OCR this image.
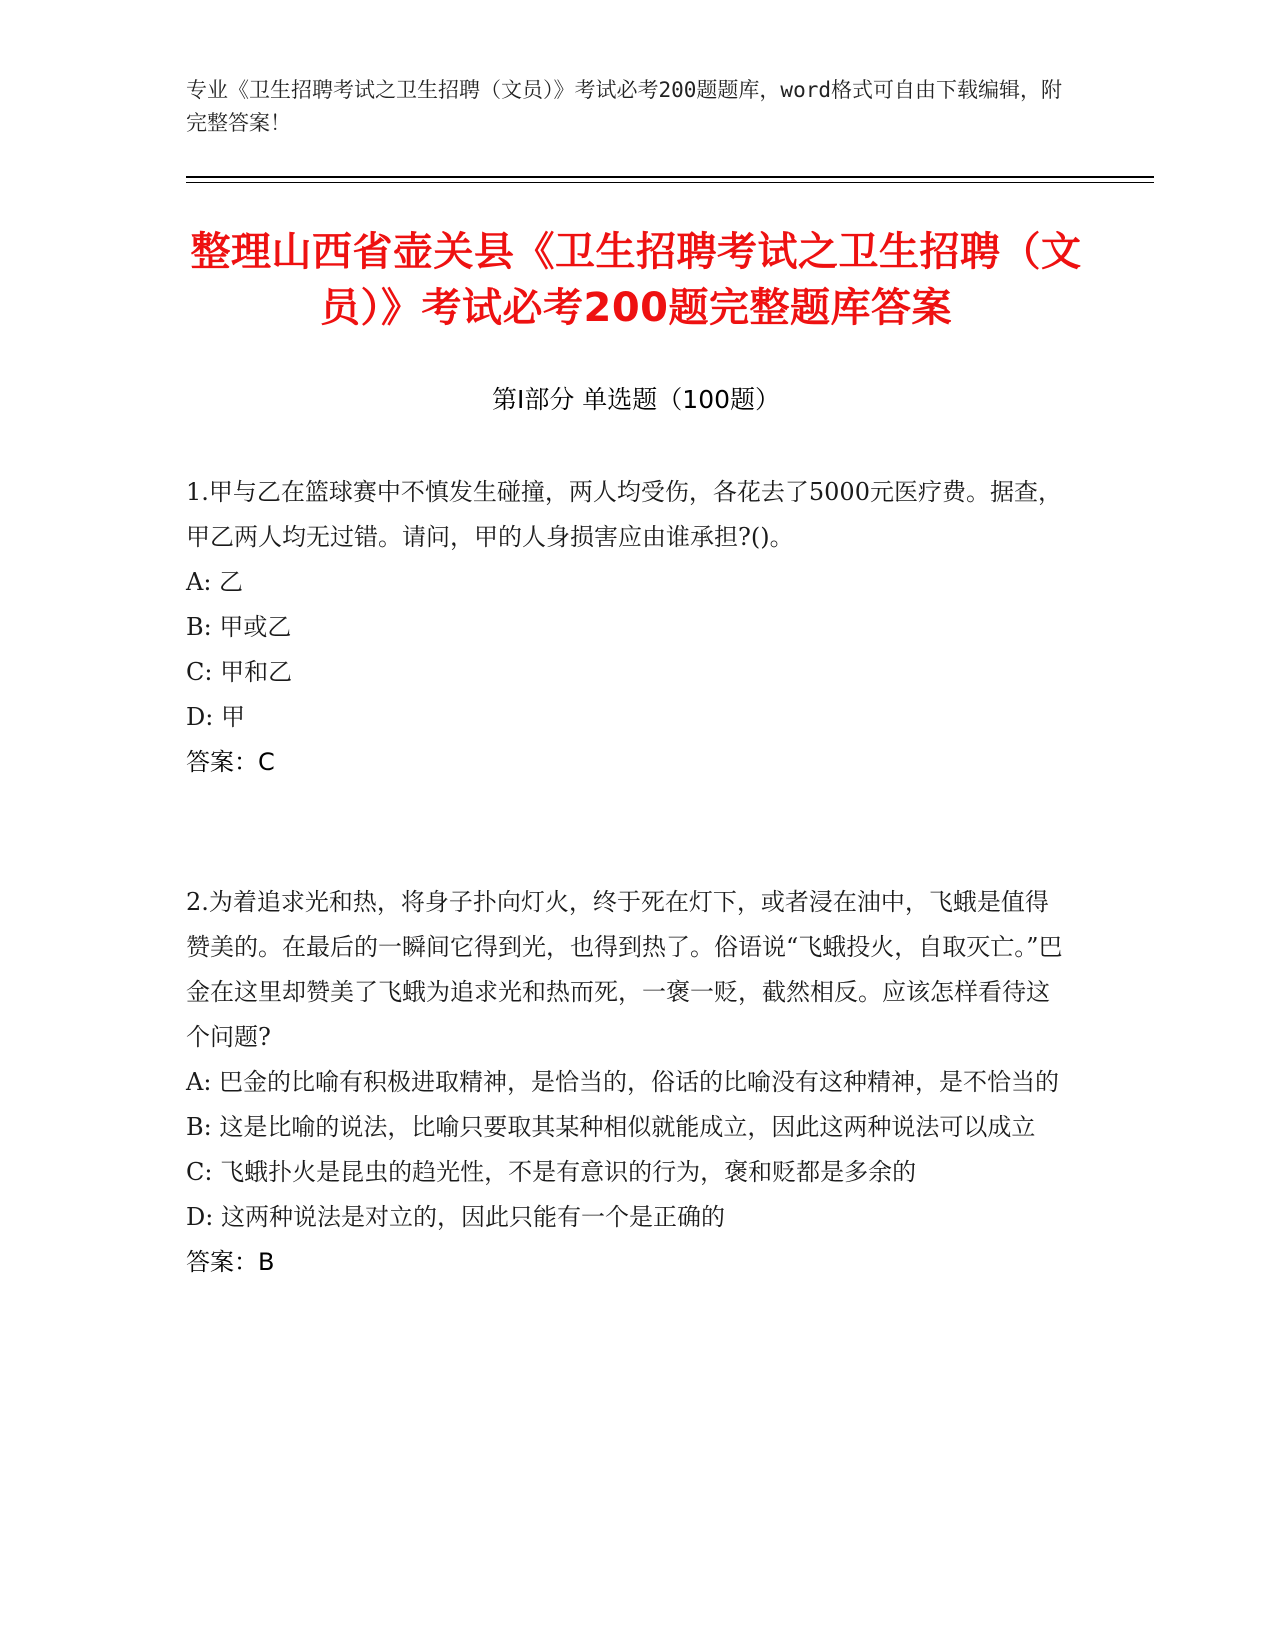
专业《卫生招聘考试之卫生招聘（文员）》考试必考200题题库，word格式可自由下载编辑，附完整答案！
整理山西省壶关县《卫生招聘考试之卫生招聘（文员）》考试必考200题完整题库答案
第I部分 单选题（100题）

1.甲与乙在篮球赛中不慎发生碰撞，两人均受伤，各花去了5000元医疗费。据查，甲乙两人均无过错。请问，甲的人身损害应由谁承担?()。

A: 乙

B: 甲或乙

C: 甲和乙

D: 甲

答案：C

2.为着追求光和热，将身子扑向灯火，终于死在灯下，或者浸在油中，飞蛾是值得赞美的。在最后的一瞬间它得到光，也得到热了。俗语说“飞蛾投火，自取灭亡。”巴金在这里却赞美了飞蛾为追求光和热而死，一褒一贬，截然相反。应该怎样看待这个问题?

A: 巴金的比喻有积极进取精神，是恰当的，俗话的比喻没有这种精神，是不恰当的

B: 这是比喻的说法，比喻只要取其某种相似就能成立，因此这两种说法可以成立

C: 飞蛾扑火是昆虫的趋光性，不是有意识的行为，褒和贬都是多余的

D: 这两种说法是对立的，因此只能有一个是正确的

答案：B
